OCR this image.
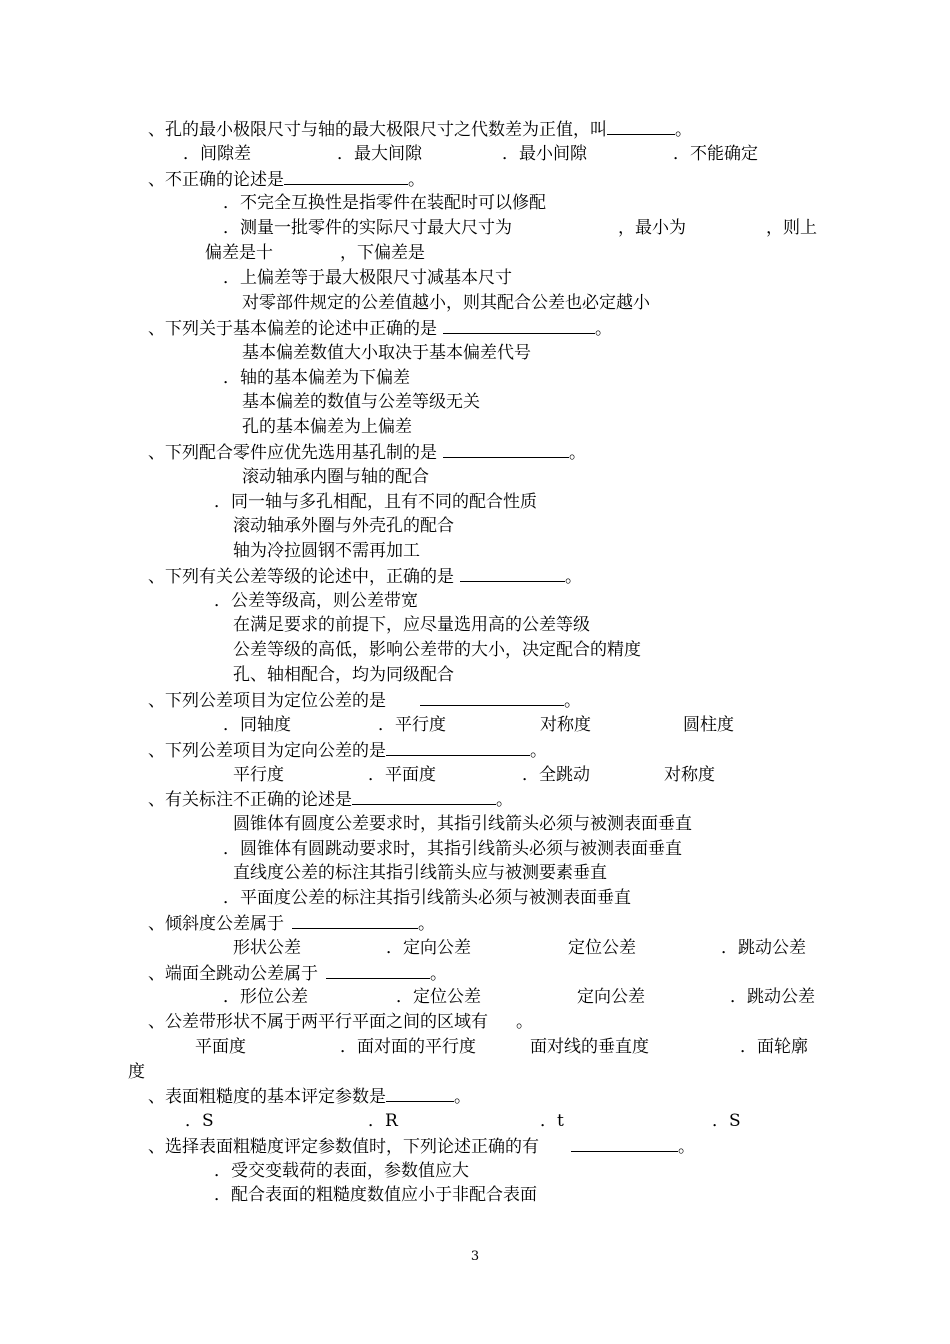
、孔的最小极限尺寸与轴的最大极限尺寸之代数差为正值，叫	。
．间隙差	．最大间隙	．最小间隙	．不能确定
、不正确的论述是	。
．不完全互换性是指零件在装配时可以修配
．测量一批零件的实际尺寸最大尺寸为	，最小为	，则上
偏差是十	，下偏差是
．上偏差等于最大极限尺寸减基本尺寸
对零部件规定的公差值越小，则其配合公差也必定越小
、下列关于基本偏差的论述中正确的是	。
基本偏差数值大小取决于基本偏差代号
．轴的基本偏差为下偏差
基本偏差的数值与公差等级无关
孔的基本偏差为上偏差
、下列配合零件应优先选用基孔制的是	。
滚动轴承内圈与轴的配合
．同一轴与多孔相配，且有不同的配合性质
滚动轴承外圈与外壳孔的配合
轴为冷拉圆钢不需再加工
、下列有关公差等级的论述中，正确的是	。
．公差等级高，则公差带宽
在满足要求的前提下，应尽量选用高的公差等级
公差等级的高低，影响公差带的大小，决定配合的精度
孔、轴相配合，均为同级配合
、下列公差项目为定位公差的是	。
．同轴度	．平行度	对称度	圆柱度
、下列公差项目为定向公差的是	。
平行度	．平面度	．全跳动	对称度
、有关标注不正确的论述是	。
圆锥体有圆度公差要求时，其指引线箭头必须与被测表面垂直
．圆锥体有圆跳动要求时，其指引线箭头必须与被测表面垂直
直线度公差的标注其指引线箭头应与被测要素垂直
．平面度公差的标注其指引线箭头必须与被测表面垂直
、倾斜度公差属于	。
形状公差	．定向公差	定位公差	．跳动公差
、端面全跳动公差属于	。
．形位公差	．定位公差	定向公差	．跳动公差
、公差带形状不属于两平行平面之间的区域有 。
平面度	．面对面的平行度	面对线的垂直度	．面轮廓
度
、表面粗糙度的基本评定参数是	。
．S	．R	．t	．S
、选择表面粗糙度评定参数值时，下列论述正确的有	。
．受交变载荷的表面，参数值应大
．配合表面的粗糙度数值应小于非配合表面
3
